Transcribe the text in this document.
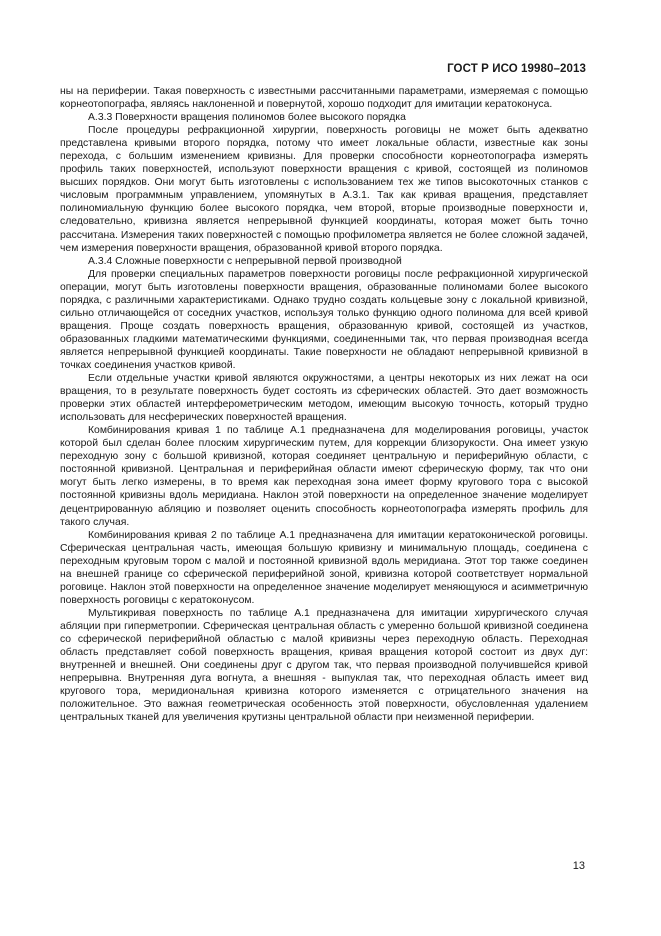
ГОСТ Р ИСО 19980–2013

ны на периферии. Такая поверхность с известными рассчитанными параметрами, измеряемая с помощью корнеотопографа, являясь наклоненной и повернутой, хорошо подходит для имитации кератоконуса.

А.3.3 Поверхности вращения полиномов более высокого порядка

После процедуры рефракционной хирургии, поверхность роговицы не может быть адекватно представлена кривыми второго порядка, потому что имеет локальные области, известные как зоны перехода, с большим изменением кривизны. Для проверки способности корнеотопографа измерять профиль таких поверхностей, используют поверхности вращения с кривой, состоящей из полиномов высших порядков. Они могут быть изготовлены с использованием тех же типов высокоточных станков с числовым программным управлением, упомянутых в А.3.1. Так как кривая вращения, представляет полиномиальную функцию более высокого порядка, чем второй, вторые производные поверхности и, следовательно, кривизна является непрерывной функцией координаты, которая может быть точно рассчитана. Измерения таких поверхностей с помощью профилометра является не более сложной задачей, чем измерения поверхности вращения, образованной кривой второго порядка.

А.3.4 Сложные поверхности с непрерывной первой производной

Для проверки специальных параметров поверхности роговицы после рефракционной хирургической операции, могут быть изготовлены поверхности вращения, образованные полиномами более высокого порядка, с различными характеристиками. Однако трудно создать кольцевые зону с локальной кривизной, сильно отличающейся от соседних участков, используя только функцию одного полинома для всей кривой вращения. Проще создать поверхность вращения, образованную кривой, состоящей из участков, образованных гладкими математическими функциями, соединенными так, что первая производная всегда является непрерывной функцией координаты. Такие поверхности не обладают непрерывной кривизной в точках соединения участков кривой.

Если отдельные участки кривой являются окружностями, а центры некоторых из них лежат на оси вращения, то в результате поверхность будет состоять из сферических областей. Это дает возможность проверки этих областей интерферометрическим методом, имеющим высокую точность, который трудно использовать для несферических поверхностей вращения.

Комбинирования кривая 1 по таблице А.1 предназначена для моделирования роговицы, участок которой был сделан более плоским хирургическим путем, для коррекции близорукости. Она имеет узкую переходную зону с большой кривизной, которая соединяет центральную и периферийную области, с постоянной кривизной. Центральная и периферийная области имеют сферическую форму, так что они могут быть легко измерены, в то время как переходная зона имеет форму кругового тора с высокой постоянной кривизны вдоль меридиана. Наклон этой поверхности на определенное значение моделирует децентрированную абляцию и позволяет оценить способность корнеотопографа измерять профиль для такого случая.

Комбинирования кривая 2 по таблице А.1 предназначена для имитации кератоконической роговицы. Сферическая центральная часть, имеющая большую кривизну и минимальную площадь, соединена с переходным круговым тором с малой и постоянной кривизной вдоль меридиана. Этот тор также соединен на внешней границе со сферической периферийной зоной, кривизна которой соответствует нормальной роговице. Наклон этой поверхности на определенное значение моделирует меняющуюся и асимметричную поверхность роговицы с кератоконусом.

Мультикривая поверхность по таблице А.1 предназначена для имитации хирургического случая абляции при гиперметропии. Сферическая центральная область с умеренно большой кривизной соединена со сферической периферийной областью с малой кривизны через переходную область. Переходная область представляет собой поверхность вращения, кривая вращения которой состоит из двух дуг: внутренней и внешней. Они соединены друг с другом так, что первая производной получившейся кривой непрерывна. Внутренняя дуга вогнута, а внешняя - выпуклая так, что переходная область имеет вид кругового тора, меридиональная кривизна которого изменяется с отрицательного значения на положительное. Это важная геометрическая особенность этой поверхности, обусловленная удалением центральных тканей для увеличения крутизны центральной области при неизменной периферии.

13
